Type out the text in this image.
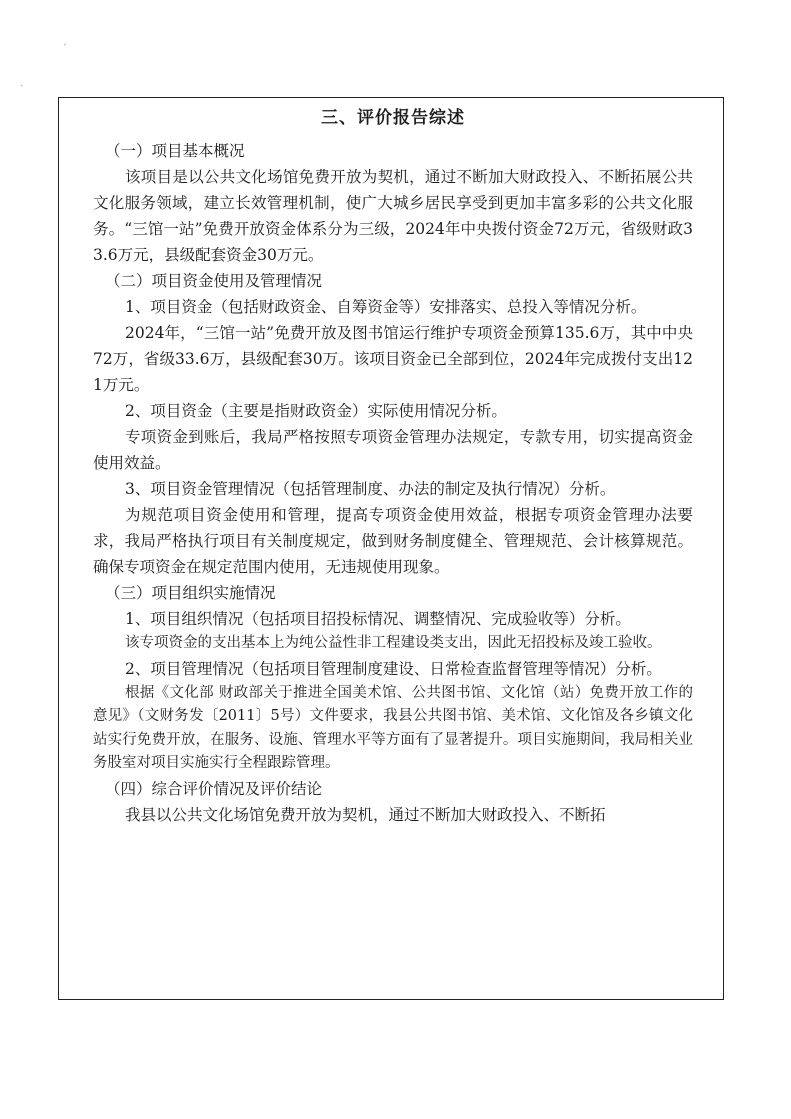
ˊ
ˎ
三、评价报告综述

（一）项目基本概况

该项目是以公共文化场馆免费开放为契机，通过不断加大财政投入、不断拓展公共文化服务领域，建立长效管理机制，使广大城乡居民享受到更加丰富多彩的公共文化服务。“三馆一站”免费开放资金体系分为三级，2024年中央拨付资金72万元，省级财政33.6万元，县级配套资金30万元。

（二）项目资金使用及管理情况

1、项目资金（包括财政资金、自筹资金等）安排落实、总投入等情况分析。

2024年，“三馆一站”免费开放及图书馆运行维护专项资金预算135.6万，其中中央72万，省级33.6万，县级配套30万。该项目资金已全部到位，2024年完成拨付支出121万元。

2、项目资金（主要是指财政资金）实际使用情况分析。

专项资金到账后，我局严格按照专项资金管理办法规定，专款专用，切实提高资金使用效益。

3、项目资金管理情况（包括管理制度、办法的制定及执行情况）分析。

为规范项目资金使用和管理，提高专项资金使用效益，根据专项资金管理办法要求，我局严格执行项目有关制度规定，做到财务制度健全、管理规范、会计核算规范。确保专项资金在规定范围内使用，无违规使用现象。

（三）项目组织实施情况

1、项目组织情况（包括项目招投标情况、调整情况、完成验收等）分析。

该专项资金的支出基本上为纯公益性非工程建设类支出，因此无招投标及竣工验收。

2、项目管理情况（包括项目管理制度建设、日常检查监督管理等情况）分析。

根据《文化部 财政部关于推进全国美术馆、公共图书馆、文化馆（站）免费开放工作的意见》（文财务发〔2011〕5号）文件要求，我县公共图书馆、美术馆、文化馆及各乡镇文化站实行免费开放，在服务、设施、管理水平等方面有了显著提升。项目实施期间，我局相关业务股室对项目实施实行全程跟踪管理。

（四）综合评价情况及评价结论

我县以公共文化场馆免费开放为契机，通过不断加大财政投入、不断拓
